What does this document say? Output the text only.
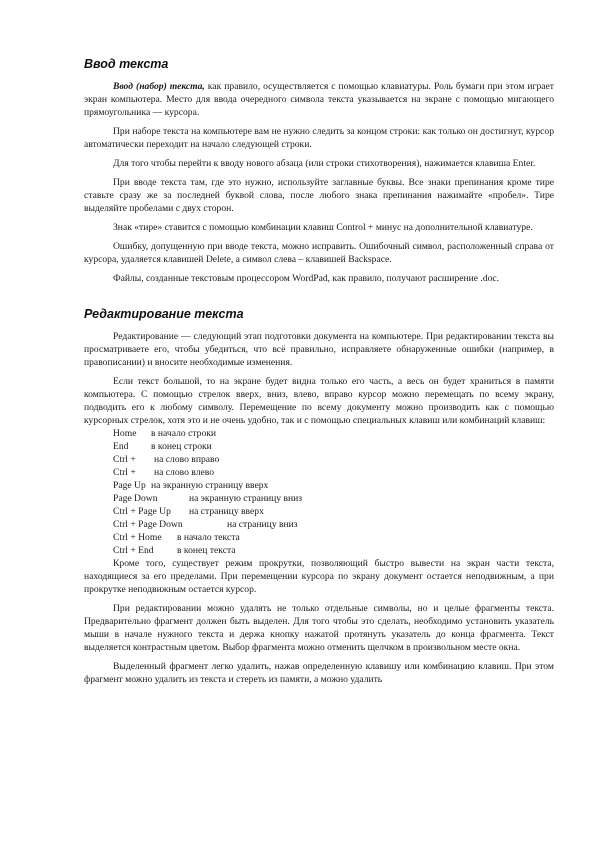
Ввод текста

Ввод (набор) текста, как правило, осуществляется с помощью клавиатуры. Роль бумаги при этом играет экран компьютера. Место для ввода очередного символа текста указывается на экране с помощью мигающего прямоугольника — курсора.

При наборе текста на компьютере вам не нужно следить за концом строки: как только он достигнут, курсор автоматически переходит на начало следующей строки.

Для того чтобы перейти к вводу нового абзаца (или строки стихотворения), нажимается клавиша Enter.

При вводе текста там, где это нужно, используйте заглавные буквы. Все знаки препинания кроме тире ставьте сразу же за последней буквой слова, после любого знака препинания нажимайте «пробел». Тире выделяйте пробелами с двух сторон.

Знак «тире» ставится с помощью комбинации клавиш Control + минус на дополнительной клавиатуре.

Ошибку, допущенную при вводе текста, можно исправить. Ошибочный символ, расположенный справа от курсора, удаляется клавишей Delete, а символ слева – клавишей Backspace.

Файлы, созданные текстовым процессором WordPad, как правило, получают расширение .doc.

Редактирование текста

Редактирование — следующий этап подготовки документа на компьютере. При редактировании текста вы просматриваете его, чтобы убедиться, что всё правильно, исправляете обнаруженные ошибки (например, в правописании) и вносите необходимые изменения.

Если текст большой, то на экране будет видна только его часть, а весь он будет храниться в памяти компьютера. С помощью стрелок вверх, вниз, влево, вправо курсор можно перемещать по всему экрану, подводить его к любому символу. Перемещение по всему документу можно производить как с помощью курсорных стрелок, хотя это и не очень удобно, так и с помощью специальных клавиш или комбинаций клавиш:

Home в начало строки
End в конец строки
Ctrl + на слово вправо
Ctrl + на слово влево
Page Up на экранную страницу вверх
Page Down	на экранную страницу вниз
Ctrl + Page Up на страницу вверх
Ctrl + Page Down	на страницу вниз
Ctrl + Home в начало текста
Ctrl + End в конец текста

Кроме того, существует режим прокрутки, позволяющий быстро вывести на экран части текста, находящиеся за его пределами. При перемещении курсора по экрану документ остается неподвижным, а при прокрутке неподвижным остается курсор.

При редактировании можно удалять не только отдельные символы, но и целые фрагменты текста. Предварительно фрагмент должен быть выделен. Для того чтобы это сделать, необходимо установить указатель мыши в начале нужного текста и держа кнопку нажатой протянуть указатель до конца фрагмента. Текст выделяется контрастным цветом. Выбор фрагмента можно отменить щелчком в произвольном месте окна.

Выделенный фрагмент легко удалить, нажав определенную клавишу или комбинацию клавиш. При этом фрагмент можно удалить из текста и стереть из памяти, а можно удалить
